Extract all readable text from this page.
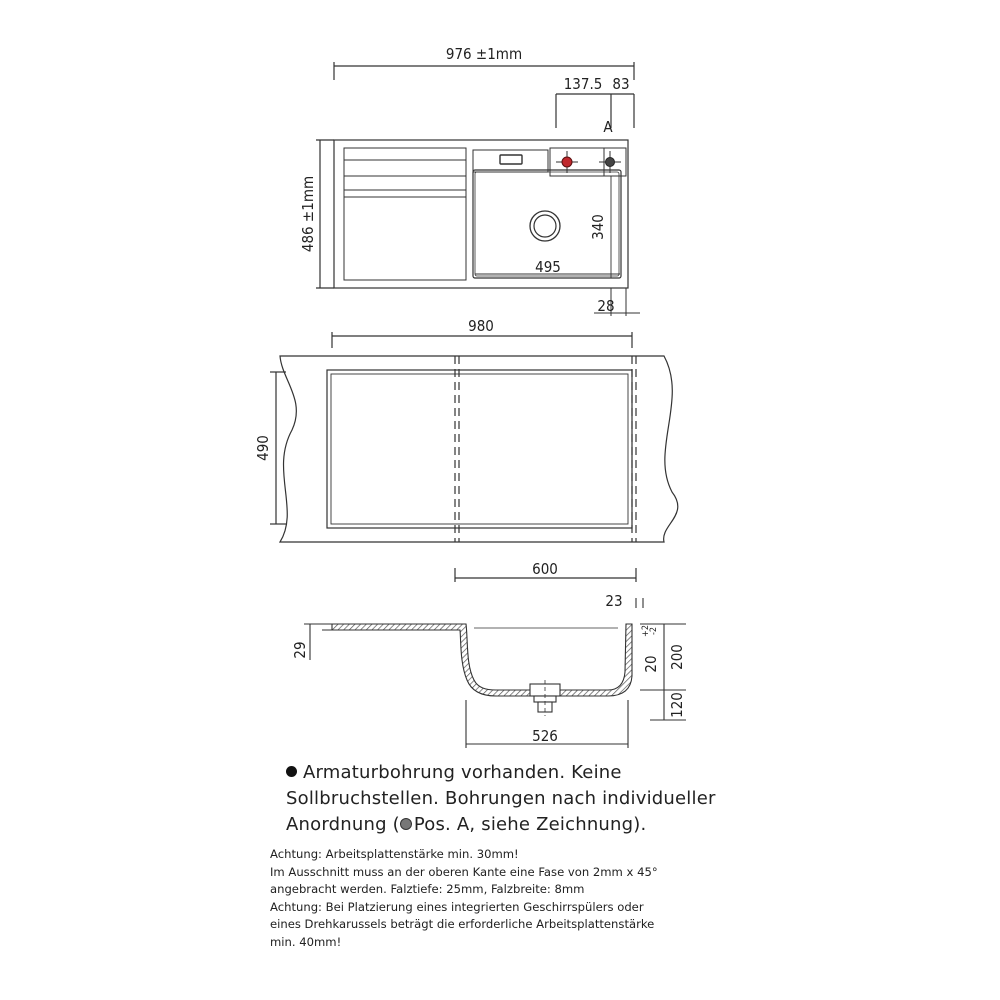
976 ±1mm
137.5 83
A
486 ±1mm	340
495
28
980
490
600
23
29
20
+2
-2
200
120
526
Armaturbohrung vorhanden. Keine
Sollbruchstellen. Bohrungen nach individueller
Anordnung ( Pos. A, siehe Zeichnung).
Achtung: Arbeitsplattenstärke min. 30mm!
Im Ausschnitt muss an der oberen Kante eine Fase von 2mm x 45°
angebracht werden. Falztiefe: 25mm, Falzbreite: 8mm
Achtung: Bei Platzierung eines integrierten Geschirrspülers oder
eines Drehkarussels beträgt die erforderliche Arbeitsplattenstärke
min. 40mm!
